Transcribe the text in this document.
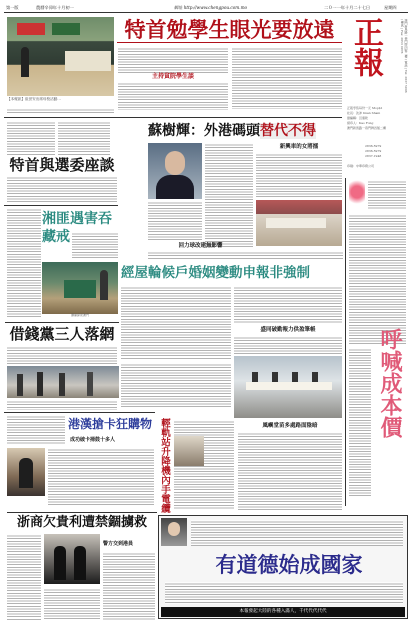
第一版	農曆辛卯年十月初一	網址 http://www.chengpou.com.mo	二０一一年十月二十七日	星期四
【本報訊】崔世安出席母校活動...
特首勉學生眼光要放遠
主持貧院學生談	正報	澳門新馬路一巷門牌四號二樓 / 電話 | Tel: 2837 5908 / 傳真 | Fax: 2853 0978
正報零售每份一元 Mop$1
社長：沈沛 Iman Sham
總編輯：呂康乾
督印人：Kao Fong
澳門新馬路一巷門牌四號二樓
2836-5979
2836-5979
2837-1948
印刷：中華印務公司
特首與選委座談
湘匪遇害吞藏戒
籌備探索澳門
借錢黨三人落網
港漢搶卡狂購物
成功破卡掃鼓十多人
浙商欠貴利遭禁錮擄救
警方交到港員
蘇樹輝：外港碼頭替代不得
新興車的女將擂
回力球改建無影響
經屋輪候戶婚姻變動申報非強制
盛同破勤報力供盈筆帳
輕軌站升降機內手電纜	風嶼堂苗多處路面陰暗	呼喊成本價
有道德始成國家
本報發起大陸的各種入滿人，千代代代代代
